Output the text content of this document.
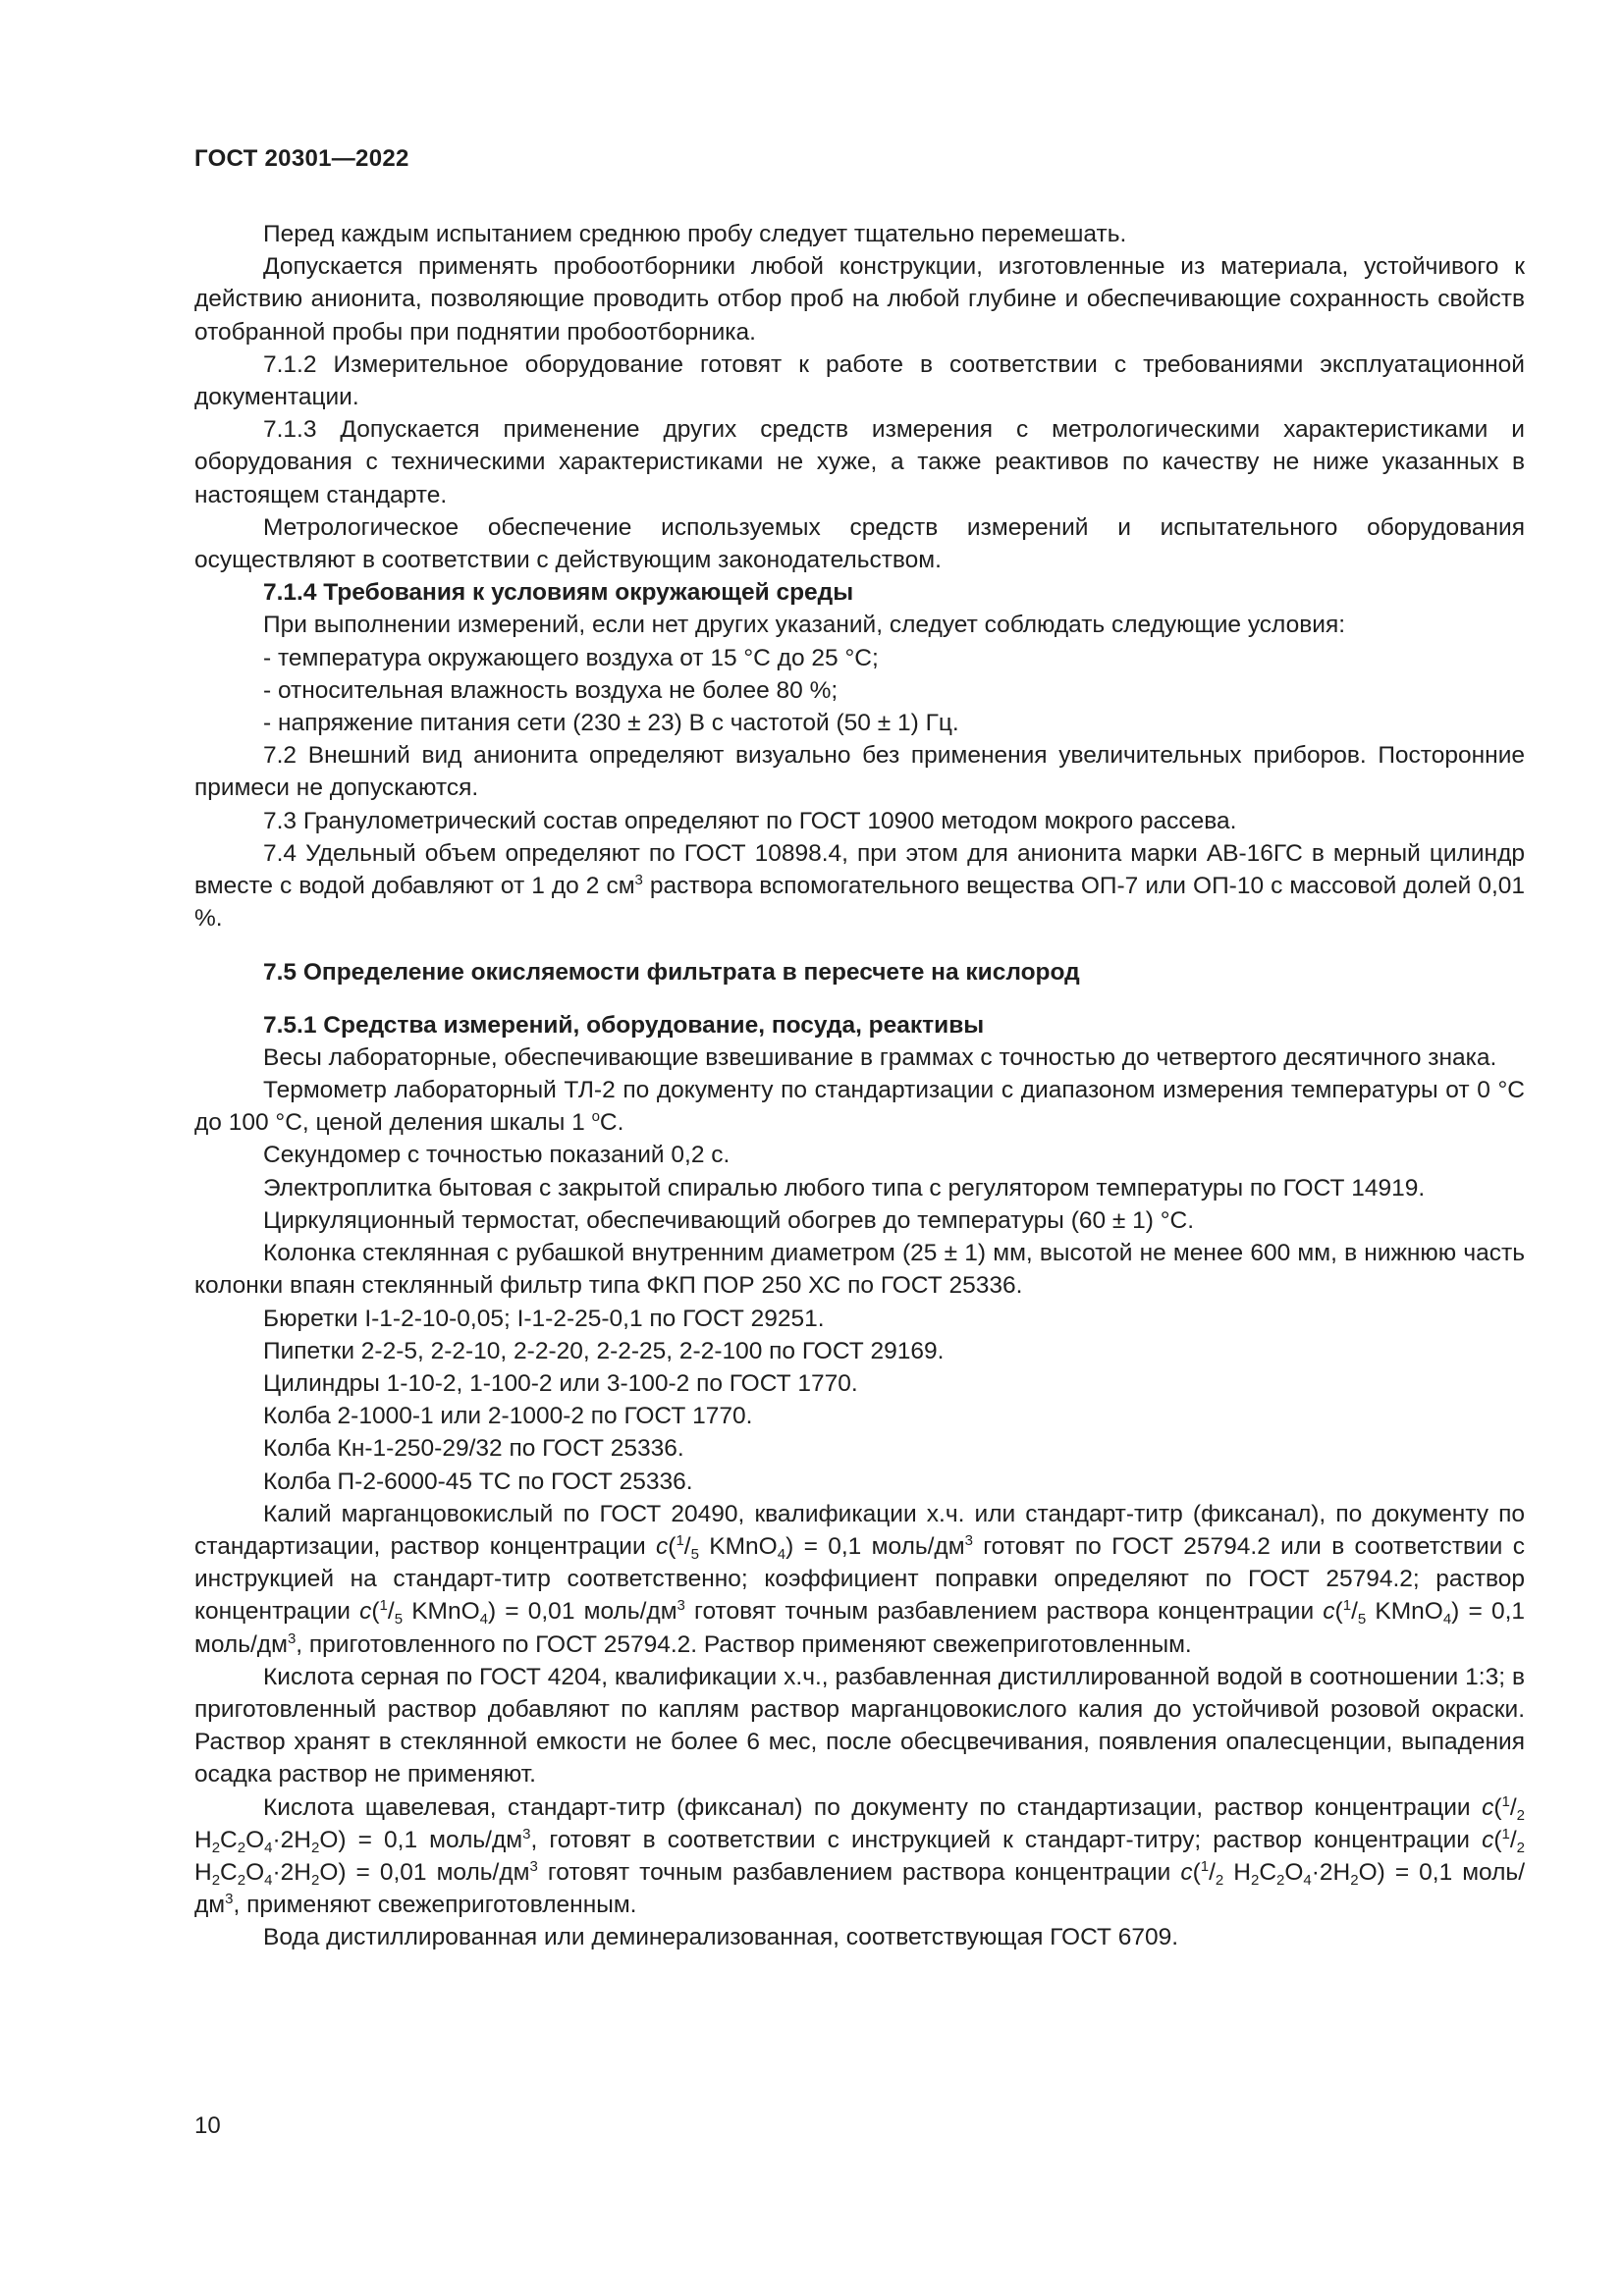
ГОСТ 20301—2022

Перед каждым испытанием среднюю пробу следует тщательно перемешать.

Допускается применять пробоотборники любой конструкции, изготовленные из материала, устойчивого к действию анионита, позволяющие проводить отбор проб на любой глубине и обеспечивающие сохранность свойств отобранной пробы при поднятии пробоотборника.

7.1.2 Измерительное оборудование готовят к работе в соответствии с требованиями эксплуатационной документации.

7.1.3 Допускается применение других средств измерения с метрологическими характеристиками и оборудования с техническими характеристиками не хуже, а также реактивов по качеству не ниже указанных в настоящем стандарте.

Метрологическое обеспечение используемых средств измерений и испытательного оборудования осуществляют в соответствии с действующим законодательством.

7.1.4 Требования к условиям окружающей среды

При выполнении измерений, если нет других указаний, следует соблюдать следующие условия:

- температура окружающего воздуха от 15 °С до 25 °С;

- относительная влажность воздуха не более 80 %;

- напряжение питания сети (230 ± 23) В с частотой (50 ± 1) Гц.

7.2 Внешний вид анионита определяют визуально без применения увеличительных приборов. Посторонние примеси не допускаются.

7.3 Гранулометрический состав определяют по ГОСТ 10900 методом мокрого рассева.

7.4 Удельный объем определяют по ГОСТ 10898.4, при этом для анионита марки АВ-16ГС в мерный цилиндр вместе с водой добавляют от 1 до 2 $см^3$ раствора вспомогательного вещества ОП-7 или ОП-10 с массовой долей 0,01 %.

7.5 Определение окисляемости фильтрата в пересчете на кислород

7.5.1 Средства измерений, оборудование, посуда, реактивы

Весы лабораторные, обеспечивающие взвешивание в граммах с точностью до четвертого десятичного знака.

Термометр лабораторный ТЛ-2 по документу по стандартизации с диапазоном измерения температуры от 0 °С до 100 °С, ценой деления шкалы 1 $^о$С.

Секундомер с точностью показаний 0,2 с.

Электроплитка бытовая с закрытой спиралью любого типа с регулятором температуры по ГОСТ 14919.

Циркуляционный термостат, обеспечивающий обогрев до температуры (60 ± 1) °С.

Колонка стеклянная с рубашкой внутренним диаметром (25 ± 1) мм, высотой не менее 600 мм, в нижнюю часть колонки впаян стеклянный фильтр типа ФКП ПОР 250 ХС по ГОСТ 25336.

Бюретки I-1-2-10-0,05; I-1-2-25-0,1 по ГОСТ 29251.

Пипетки 2-2-5, 2-2-10, 2-2-20, 2-2-25, 2-2-100 по ГОСТ 29169.

Цилиндры 1-10-2, 1-100-2 или 3-100-2 по ГОСТ 1770.

Колба 2-1000-1 или 2-1000-2 по ГОСТ 1770.

Колба Кн-1-250-29/32 по ГОСТ 25336.

Колба П-2-6000-45 ТС по ГОСТ 25336.

Калий марганцовокислый по ГОСТ 20490, квалификации х.ч. или стандарт-титр (фиксанал), по документу по стандартизации, раствор концентрации $c(^1/_5$ KMnO$_4$) = 0,1 моль/$дм^3$ готовят по ГОСТ 25794.2 или в соответствии с инструкцией на стандарт-титр соответственно; коэффициент поправки определяют по ГОСТ 25794.2; раствор концентрации $c(^1/_5$ KMnO$_4$) = 0,01 моль/$дм^3$ готовят точным разбавлением раствора концентрации $c(^1/_5$ KMnO$_4$) = 0,1 моль/$дм^3$, приготовленного по ГОСТ 25794.2. Раствор применяют свежеприготовленным.

Кислота серная по ГОСТ 4204, квалификации х.ч., разбавленная дистиллированной водой в соотношении 1:3; в приготовленный раствор добавляют по каплям раствор марганцовокислого калия до устойчивой розовой окраски. Раствор хранят в стеклянной емкости не более 6 мес, после обесцвечивания, появления опалесценции, выпадения осадка раствор не применяют.

Кислота щавелевая, стандарт-титр (фиксанал) по документу по стандартизации, раствор концентрации $c(^1/_2$ $H_2C_2O_4\cdot 2H_2O) = 0,1$ моль/$дм^3$, готовят в соответствии с инструкцией к стандарт-титру; раствор концентрации $c(^1/_2$ $H_2C_2O_4\cdot 2H_2O) = 0,01$ моль/$дм^3$ готовят точным разбавлением раствора концентрации $c(^1/_2$ $H_2C_2O_4\cdot 2H_2O) = 0,1$ моль/$дм^3$, применяют свежеприготовленным.

Вода дистиллированная или деминерализованная, соответствующая ГОСТ 6709.

10
